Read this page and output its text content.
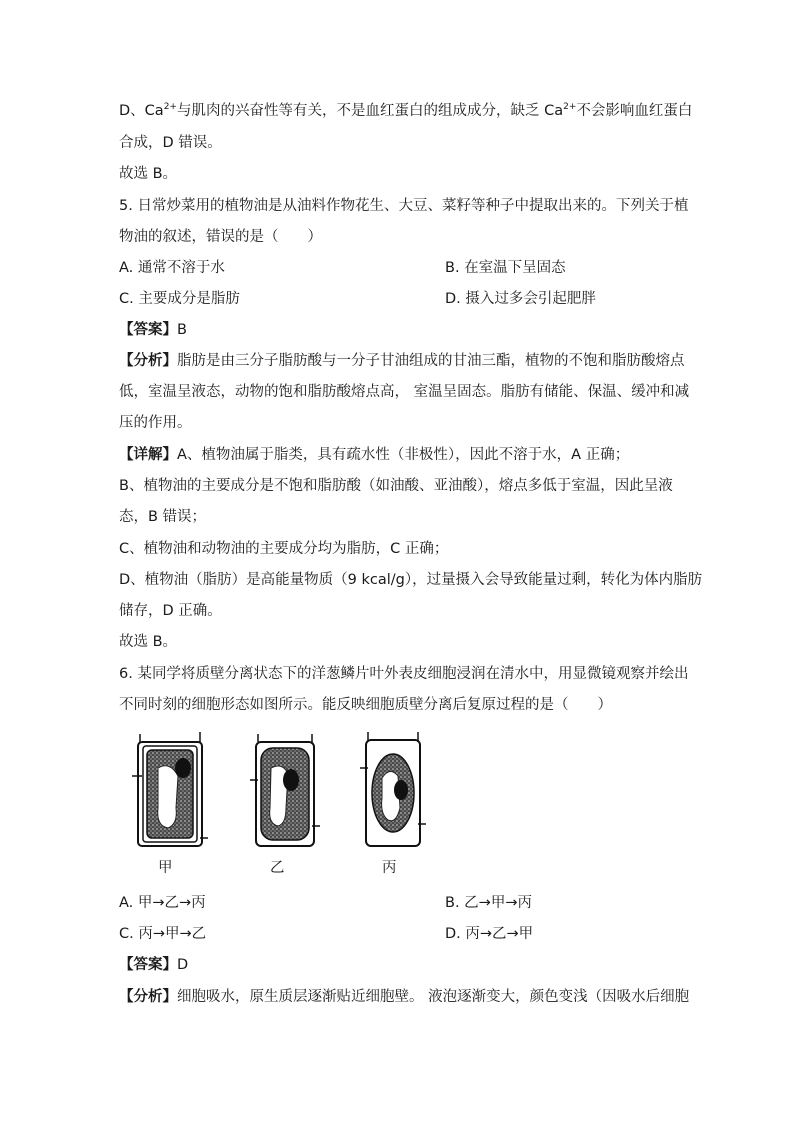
D、$Ca^{2+}$与肌肉的兴奋性等有关，不是血红蛋白的组成成分，缺乏 $Ca^{2+}$不会影响血红蛋白
合成，D 错误。
故选 B。
5. 日常炒菜用的植物油是从油料作物花生、大豆、菜籽等种子中提取出来的。下列关于植
物油的叙述，错误的是（　　）
A. 通常不溶于水	B. 在室温下呈固态
C. 主要成分是脂肪	D. 摄入过多会引起肥胖
【答案】B
【分析】脂肪是由三分子脂肪酸与一分子甘油组成的甘油三酯，植物的不饱和脂肪酸熔点
低，室温呈液态，动物的饱和脂肪酸熔点高， 室温呈固态。脂肪有储能、保温、缓冲和减
压的作用。
【详解】A、植物油属于脂类，具有疏水性（非极性），因此不溶于水，A 正确；
B、植物油的主要成分是不饱和脂肪酸（如油酸、亚油酸），熔点多低于室温，因此呈液
态，B 错误；
C、植物油和动物油的主要成分均为脂肪，C 正确；
D、植物油（脂肪）是高能量物质（9 kcal/g），过量摄入会导致能量过剩，转化为体内脂肪
储存，D 正确。
故选 B。
6. 某同学将质壁分离状态下的洋葱鳞片叶外表皮细胞浸润在清水中，用显微镜观察并绘出
不同时刻的细胞形态如图所示。能反映细胞质壁分离后复原过程的是（　　）
甲	乙	丙
A. 甲→乙→丙	B. 乙→甲→丙
C. 丙→甲→乙	D. 丙→乙→甲
【答案】D
【分析】细胞吸水，原生质层逐渐贴近细胞壁。 液泡逐渐变大，颜色变浅（因吸水后细胞
